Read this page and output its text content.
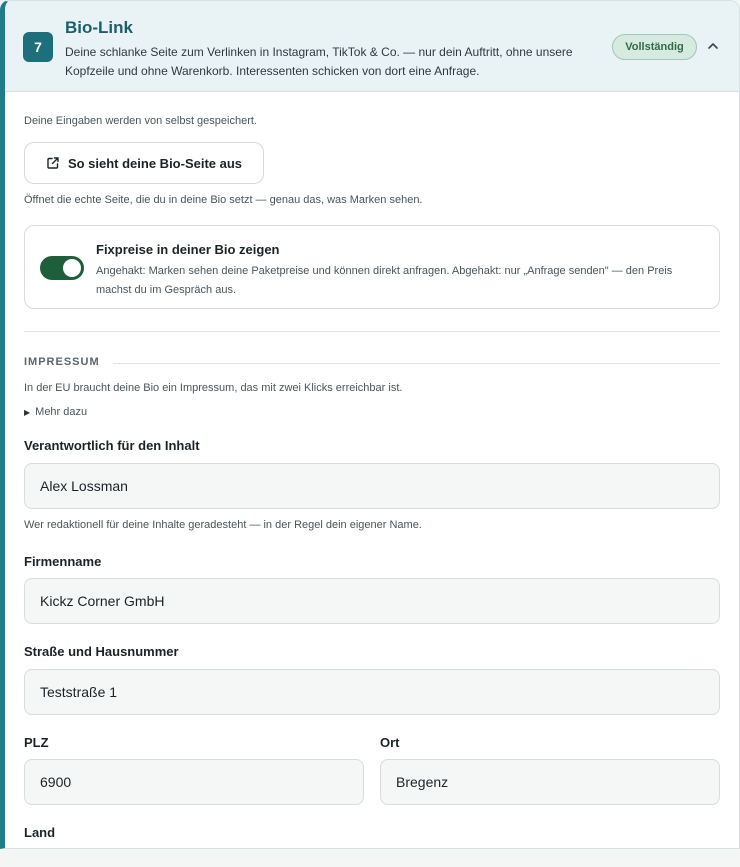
7
Bio-Link
Deine schlanke Seite zum Verlinken in Instagram, TikTok & Co. — nur dein Auftritt, ohne unsere Kopfzeile und ohne Warenkorb. Interessenten schicken von dort eine Anfrage.
Vollständig
Deine Eingaben werden von selbst gespeichert.
So sieht deine Bio-Seite aus
Öffnet die echte Seite, die du in deine Bio setzt — genau das, was Marken sehen.
Fixpreise in deiner Bio zeigen
Angehakt: Marken sehen deine Paketpreise und können direkt anfragen. Abgehakt: nur „Anfrage senden" — den Preis machst du im Gespräch aus.
IMPRESSUM
In der EU braucht deine Bio ein Impressum, das mit zwei Klicks erreichbar ist.
▶ Mehr dazu
Verantwortlich für den Inhalt
Alex Lossman
Wer redaktionell für deine Inhalte geradesteht — in der Regel dein eigener Name.
Firmenname
Kickz Corner GmbH
Straße und Hausnummer
Teststraße 1
PLZ
6900	Ort
Bregenz
Land
